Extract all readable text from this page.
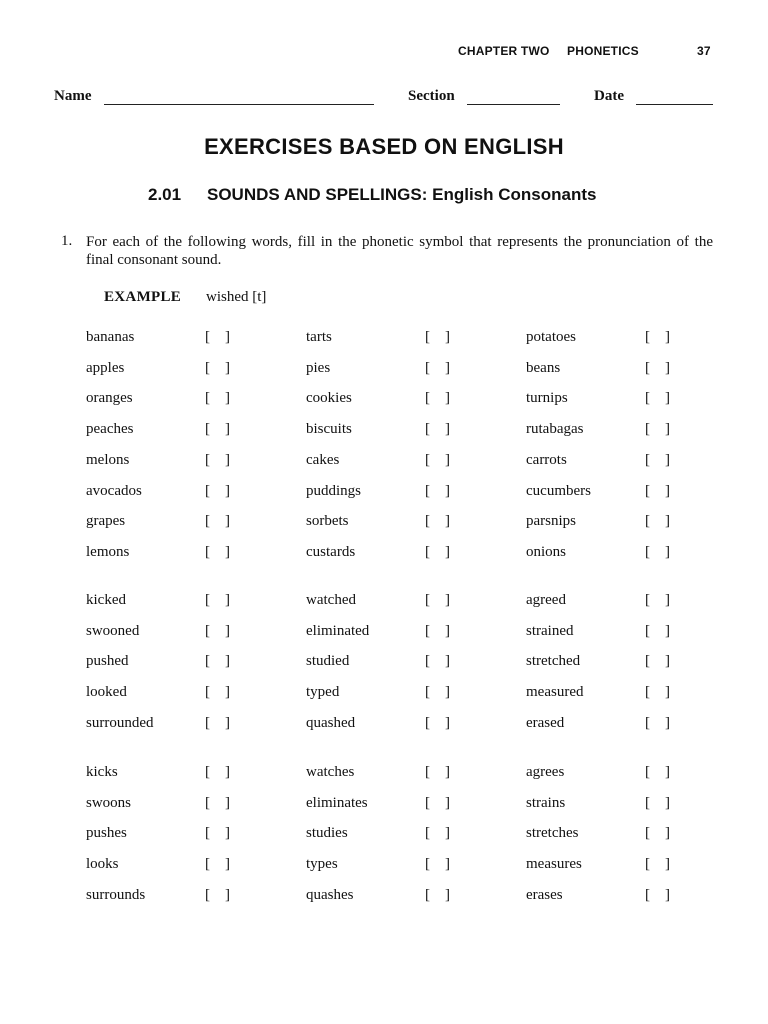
CHAPTER TWO PHONETICS	37
Name	Section	Date
EXERCISES BASED ON ENGLISH
2.01 SOUNDS AND SPELLINGS: English Consonants
1. For each of the following words, fill in the phonetic symbol that represents the pronunciation of the final consonant sound.

EXAMPLE wished [t]
bananas	[    ]	tarts	[    ]	potatoes	[    ]
apples	[    ]	pies	[    ]	beans	[    ]
oranges	[    ]	cookies	[    ]	turnips	[    ]
peaches	[    ]	biscuits	[    ]	rutabagas	[    ]
melons	[    ]	cakes	[    ]	carrots	[    ]
avocados	[    ]	puddings	[    ]	cucumbers	[    ]
grapes	[    ]	sorbets	[    ]	parsnips	[    ]
lemons	[    ]	custards	[    ]	onions	[    ]
kicked	[    ]	watched	[    ]	agreed	[    ]
swooned	[    ]	eliminated	[    ]	strained	[    ]
pushed	[    ]	studied	[    ]	stretched	[    ]
looked	[    ]	typed	[    ]	measured	[    ]
surrounded	[    ]	quashed	[    ]	erased	[    ]
kicks	[    ]	watches	[    ]	agrees	[    ]
swoons	[    ]	eliminates	[    ]	strains	[    ]
pushes	[    ]	studies	[    ]	stretches	[    ]
looks	[    ]	types	[    ]	measures	[    ]
surrounds	[    ]	quashes	[    ]	erases	[    ]
